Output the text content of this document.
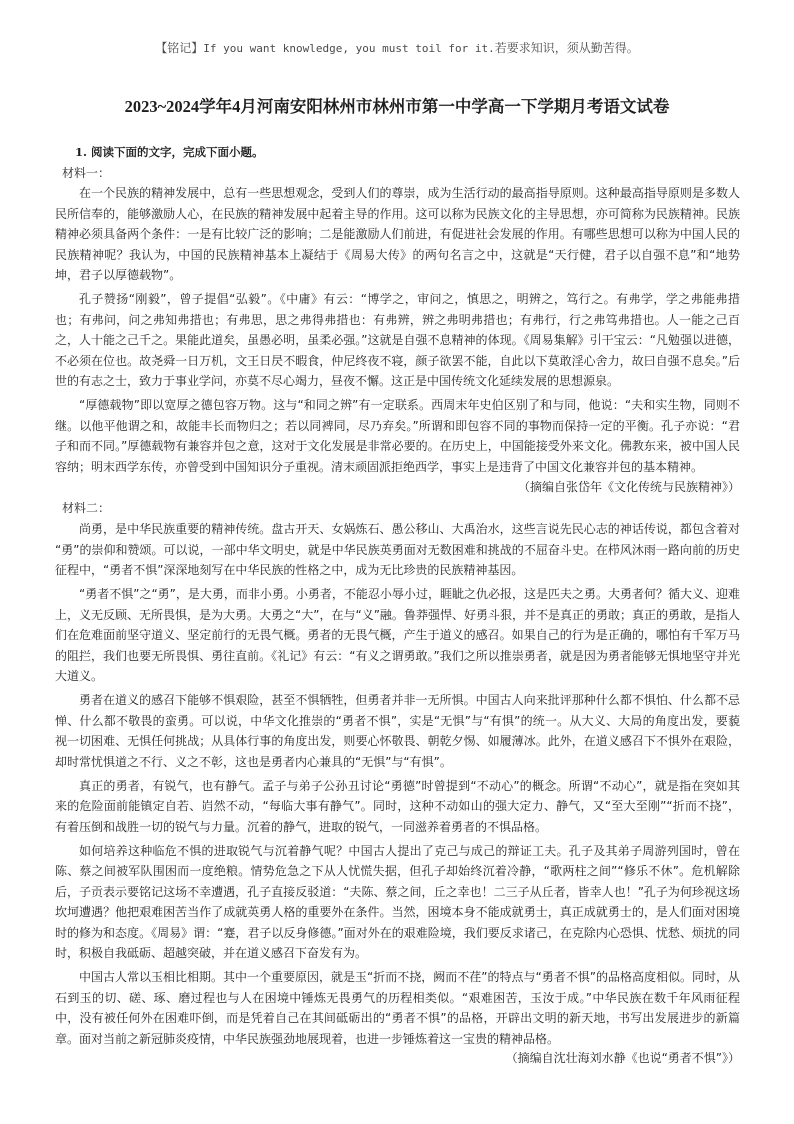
【铭记】If you want knowledge, you must toil for it.若要求知识，须从勤苦得。
2023~2024学年4月河南安阳林州市林州市第一中学高一下学期月考语文试卷
1. 阅读下面的文字，完成下面小题。
材料一：

在一个民族的精神发展中，总有一些思想观念，受到人们的尊崇，成为生活行动的最高指导原则。这种最高指导原则是多数人民所信奉的，能够激励人心，在民族的精神发展中起着主导的作用。这可以称为民族文化的主导思想，亦可简称为民族精神。民族精神必须具备两个条件：一是有比较广泛的影响；二是能激励人们前进，有促进社会发展的作用。有哪些思想可以称为中国人民的民族精神呢？我认为，中国的民族精神基本上凝结于《周易大传》的两句名言之中，这就是“天行健，君子以自强不息”和“地势坤，君子以厚德载物”。

孔子赞扬“刚毅”，曾子提倡“弘毅”。《中庸》有云：“博学之，审问之，慎思之，明辨之，笃行之。有弗学，学之弗能弗措也；有弗问，问之弗知弗措也；有弗思，思之弗得弗措也：有弗辨，辨之弗明弗措也；有弗行，行之弗笃弗措也。人一能之己百之，人十能之己千之。果能此道矣，虽愚必明，虽柔必强。”这就是自强不息精神的体现。《周易集解》引干宝云：“凡勉强以进德，不必须在位也。故尧舜一日万机，文王日昃不暇食，仲尼终夜不寝，颜子欲罢不能，自此以下莫敢淫心舍力，故曰自强不息矣。”后世的有志之士，致力于事业学问，亦莫不尽心竭力，昼夜不懈。这正是中国传统文化延续发展的思想源泉。

“厚德载物”即以宽厚之德包容万物。这与“和同之辨”有一定联系。西周末年史伯区别了和与同，他说：“夫和实生物，同则不继。以他平他谓之和，故能丰长而物归之；若以同裨同，尽乃弃矣。”所谓和即包容不同的事物而保持一定的平衡。孔子亦说：“君子和而不同。”厚德载物有兼容并包之意，这对于文化发展是非常必要的。在历史上，中国能接受外来文化。佛教东来，被中国人民容纳；明末西学东传，亦曾受到中国知识分子重视。清末顽固派拒绝西学，事实上是违背了中国文化兼容并包的基本精神。

（摘编自张岱年《文化传统与民族精神》）
材料二：

尚勇，是中华民族重要的精神传统。盘古开天、女娲炼石、愚公移山、大禹治水，这些言说先民心志的神话传说，都包含着对“勇”的崇仰和赞颂。可以说，一部中华文明史，就是中华民族英勇面对无数困难和挑战的不屈奋斗史。在栉风沐雨一路向前的历史征程中，“勇者不惧”深深地刻写在中华民族的性格之中，成为无比珍贵的民族精神基因。

“勇者不惧”之“勇”，是大勇，而非小勇。小勇者，不能忍小辱小过，睚眦之仇必报，这是匹夫之勇。大勇者何？循大义、迎难上，义无反顾、无所畏惧，是为大勇。大勇之“大”，在与“义”融。鲁莽强悍、好勇斗狠，并不是真正的勇敢；真正的勇敢，是指人们在危难面前坚守道义、坚定前行的无畏气概。勇者的无畏气概，产生于道义的感召。如果自己的行为是正确的，哪怕有千军万马的阻拦，我们也要无所畏惧、勇往直前。《礼记》有云：“有义之谓勇敢。”我们之所以推崇勇者，就是因为勇者能够无惧地坚守并光大道义。

勇者在道义的感召下能够不惧艰险，甚至不惧牺牲，但勇者并非一无所惧。中国古人向来批评那种什么都不惧怕、什么都不忌惮、什么都不敬畏的蛮勇。可以说，中华文化推崇的“勇者不惧”，实是“无惧”与“有惧”的统一。从大义、大局的角度出发，要藐视一切困难、无惧任何挑战；从具体行事的角度出发，则要心怀敬畏、朝乾夕惕、如履薄冰。此外，在道义感召下不惧外在艰险，却时常忧惧道之不行、义之不彰，这也是勇者内心兼具的“无惧”与“有惧”。

真正的勇者，有锐气，也有静气。孟子与弟子公孙丑讨论“勇德”时曾提到“不动心”的概念。所谓“不动心”，就是指在突如其来的危险面前能镇定自若、岿然不动，“每临大事有静气”。同时，这种不动如山的强大定力、静气，又“至大至刚”“折而不挠”，有着压倒和战胜一切的锐气与力量。沉着的静气，进取的锐气，一同滋养着勇者的不惧品格。

如何培养这种临危不惧的进取锐气与沉着静气呢？中国古人提出了克己与成己的辩证工夫。孔子及其弟子周游列国时，曾在陈、蔡之间被军队围困而一度绝粮。情势危急之下从人忧慌失据，但孔子却始终沉着冷静，“歌两柱之间”“修乐不休”。危机解除后，子贡表示要铭记这场不幸遭遇，孔子直接反驳道：“夫陈、蔡之间，丘之幸也！二三子从丘者，皆幸人也！”孔子为何珍视这场坎坷遭遇？他把艰难困苦当作了成就英勇人格的重要外在条件。当然，困境本身不能成就勇士，真正成就勇士的，是人们面对困境时的修为和态度。《周易》谓：“蹇，君子以反身修德。”面对外在的艰难险境，我们要反求诸己，在克除内心恐惧、忧愁、烦扰的同时，积极自我砥砺、超越突破，并在道义感召下奋发有为。

中国古人常以玉相比相期。其中一个重要原因，就是玉“折而不挠，阙而不荏”的特点与“勇者不惧”的品格高度相似。同时，从石到玉的切、磋、琢、磨过程也与人在困境中锤炼无畏勇气的历程相类似。“艰难困苦，玉汝于成。”中华民族在数千年风雨征程中，没有被任何外在困难吓倒，而是凭着自己在其间砥砺出的“勇者不惧”的品格，开辟出文明的新天地，书写出发展进步的新篇章。面对当前之新冠肺炎疫情，中华民族强劲地展现着，也进一步锤炼着这一宝贵的精神品格。

（摘编自沈壮海刘水静《也说“勇者不惧”》）
